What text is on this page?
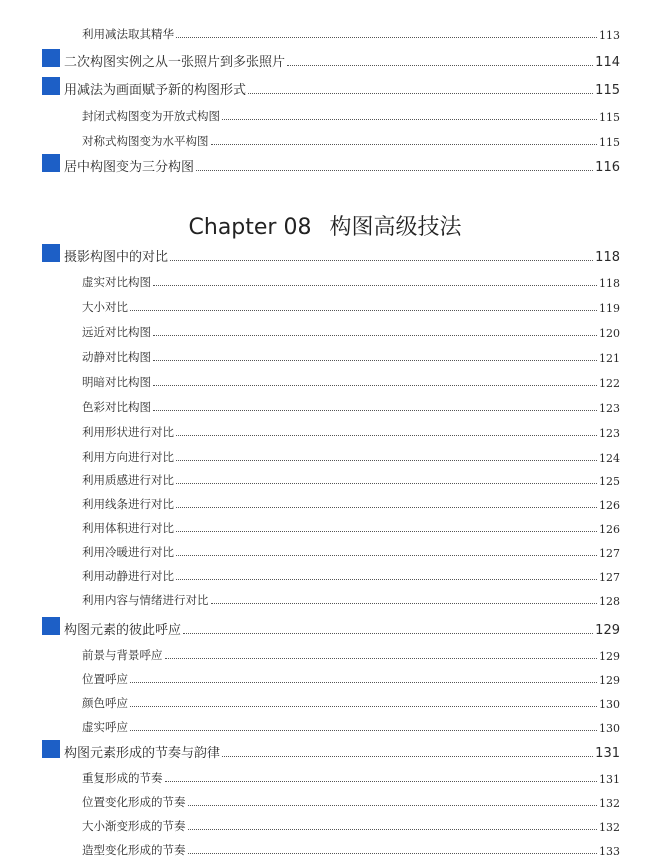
利用减法取其精华	113
二次构图实例之从一张照片到多张照片	114
用减法为画面赋予新的构图形式	115
封闭式构图变为开放式构图	115
对称式构图变为水平构图	115
居中构图变为三分构图	116
Chapter 08 构图高级技法
摄影构图中的对比	118
虚实对比构图	118
大小对比	119
远近对比构图	120
动静对比构图	121
明暗对比构图	122
色彩对比构图	123
利用形状进行对比	123
利用方向进行对比	124
利用质感进行对比	125
利用线条进行对比	126
利用体积进行对比	126
利用冷暖进行对比	127
利用动静进行对比	127
利用内容与情绪进行对比	128
构图元素的彼此呼应	129
前景与背景呼应	129
位置呼应	129
颜色呼应	130
虚实呼应	130
构图元素形成的节奏与韵律	131
重复形成的节奏	131
位置变化形成的节奏	132
大小渐变形成的节奏	132
造型变化形成的节奏	133
